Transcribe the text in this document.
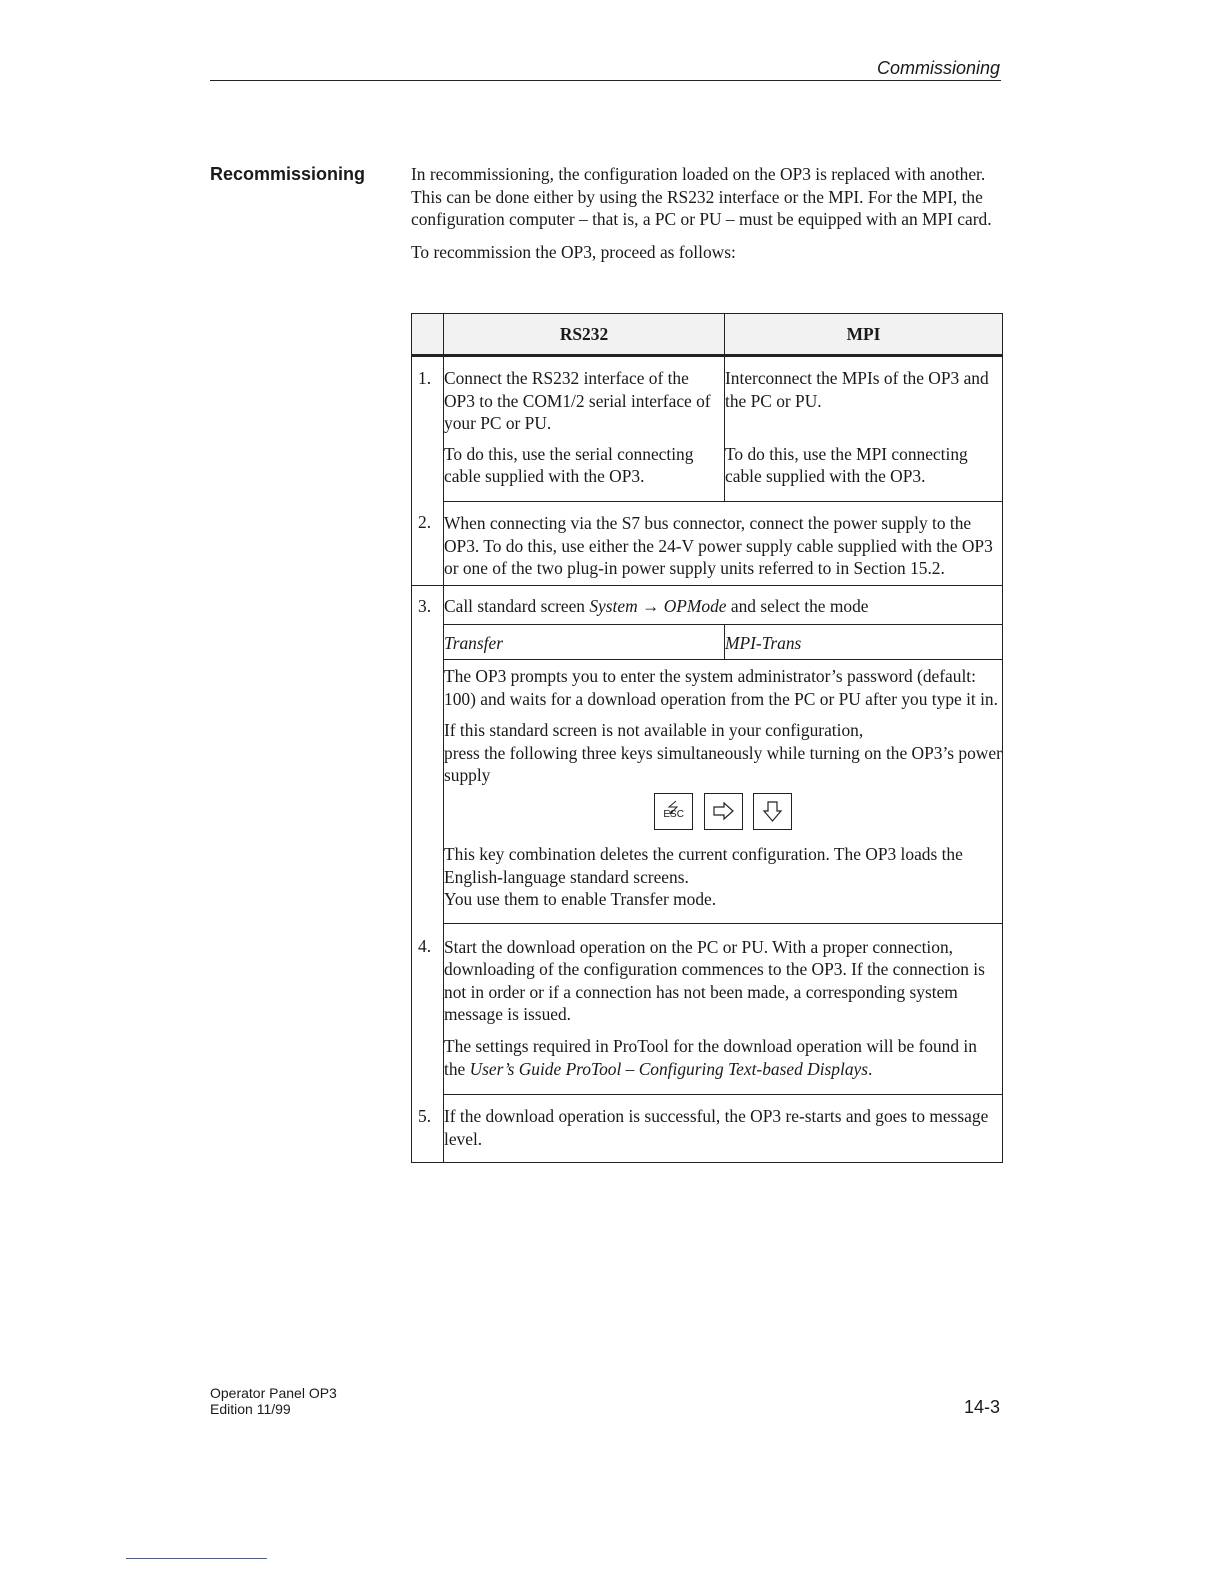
Commissioning
Recommissioning	In recommissioning, the configuration loaded on the OP3 is replaced with another. This can be done either by using the RS232 interface or the MPI. For the MPI, the configuration computer – that is, a PC or PU – must be equipped with an MPI card.

To recommission the OP3, proceed as follows:

	RS232	MPI

1.	Connect the RS232 interface of the OP3 to the COM1/2 serial interface of your PC or PU.	Interconnect the MPIs of the OP3 and the PC or PU.
	To do this, use the serial connecting cable supplied with the OP3.	To do this, use the MPI connecting cable supplied with the OP3.

2.	When connecting via the S7 bus connector, connect the power supply to the OP3. To do this, use either the 24-V power supply cable supplied with the OP3 or one of the two plug-in power supply units referred to in Section 15.2.	

3.	Call standard screen System → OPMode and select the mode	
	Transfer	MPI-Trans
	The OP3 prompts you to enter the system administrator’s password (default: 100) and waits for a download operation from the PC or PU after you type it in.	

	If this standard screen is not available in your configuration,
press the following three keys simultaneously while turning on the OP3’s power supply
ESC	

	This key combination deletes the current configuration. The OP3 loads the English-language standard screens.
You use them to enable Transfer mode.	

4.	Start the download operation on the PC or PU. With a proper connection, downloading of the configuration commences to the OP3. If the connection is not in order or if a connection has not been made, a corresponding system message is issued.	
	The settings required in ProTool for the download operation will be found in the User’s Guide ProTool – Configuring Text-based Displays.	

5.	If the download operation is successful, the OP3 re-starts and goes to message level.	
Operator Panel OP3
Edition 11/99	14-3
